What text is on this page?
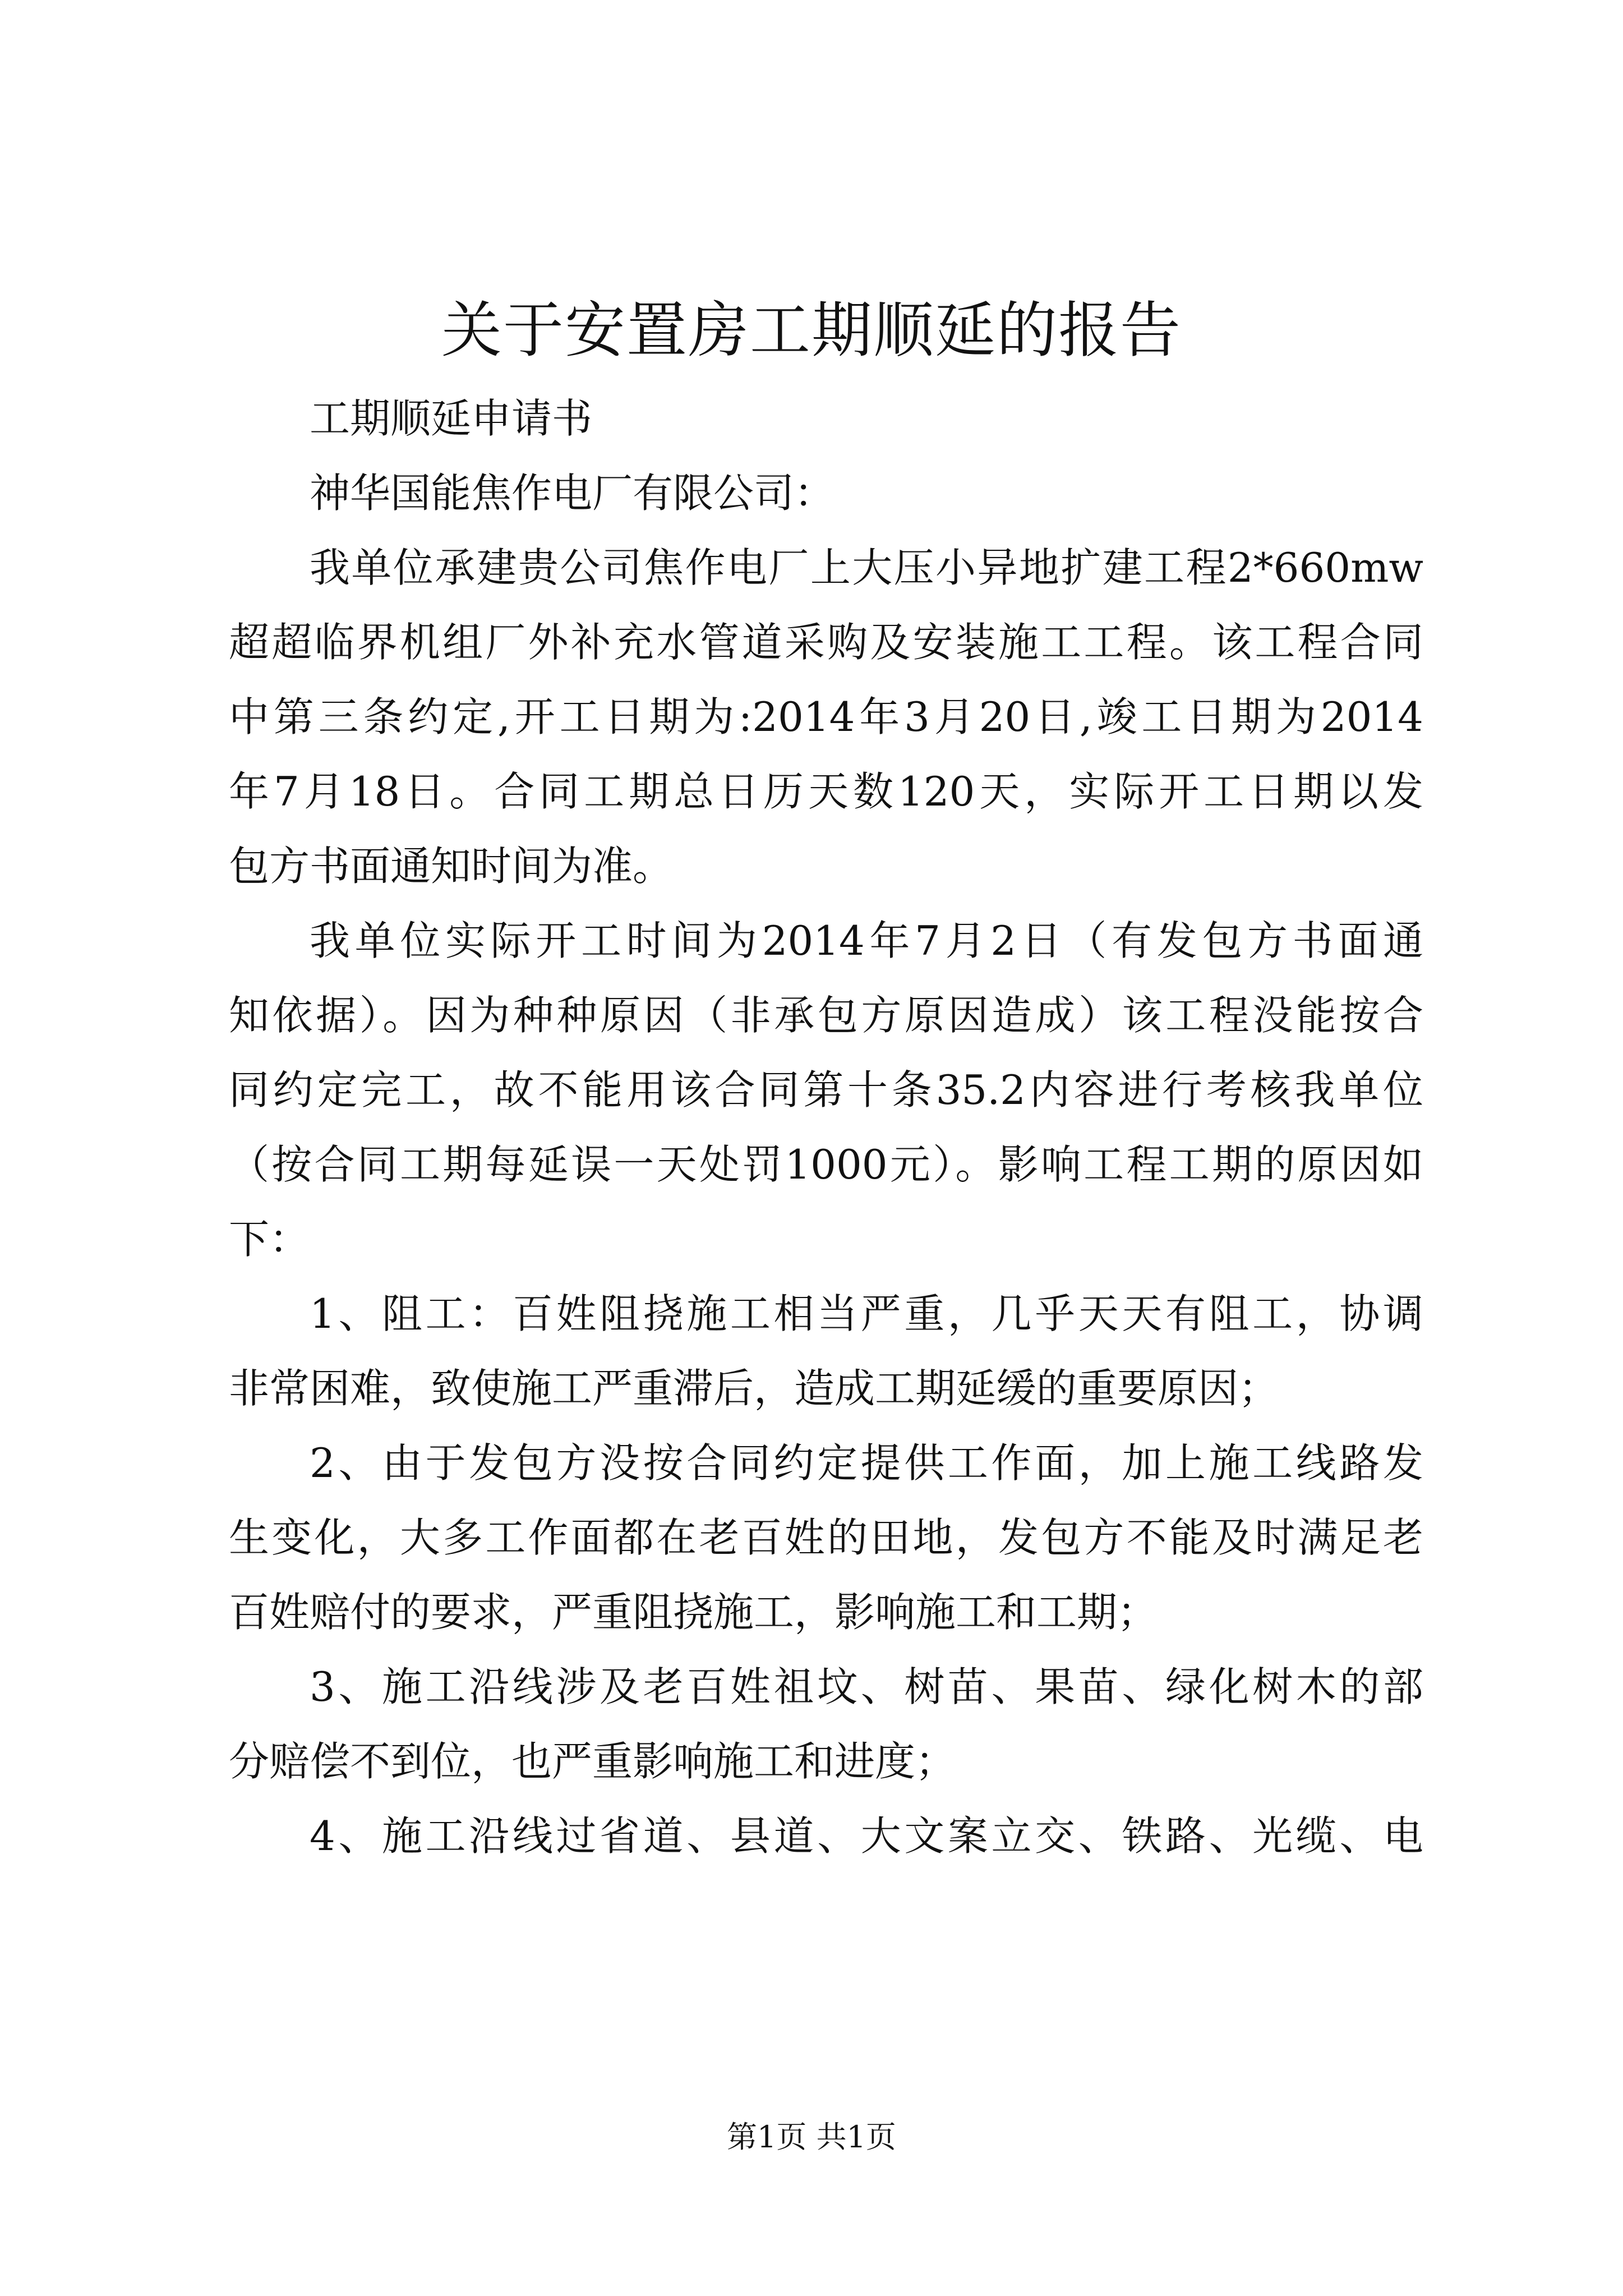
关于安置房工期顺延的报告
工期顺延申请书
神华国能焦作电厂有限公司：
我单位承建贵公司焦作电厂上大压小异地扩建工程2*660mw
超超临界机组厂外补充水管道采购及安装施工工程。该工程合同
中第三条约定,开工日期为:2014年3月20日,竣工日期为2014
年7月18日。合同工期总日历天数120天，实际开工日期以发
包方书面通知时间为准。
我单位实际开工时间为2014年7月2日（有发包方书面通
知依据）。因为种种原因（非承包方原因造成）该工程没能按合
同约定完工，故不能用该合同第十条35.2内容进行考核我单位
（按合同工期每延误一天处罚1000元）。影响工程工期的原因如
下：
1、阻工：百姓阻挠施工相当严重，几乎天天有阻工，协调
非常困难，致使施工严重滞后，造成工期延缓的重要原因；
2、由于发包方没按合同约定提供工作面，加上施工线路发
生变化，大多工作面都在老百姓的田地，发包方不能及时满足老
百姓赔付的要求，严重阻挠施工，影响施工和工期；
3、施工沿线涉及老百姓祖坟、树苗、果苗、绿化树木的部
分赔偿不到位，也严重影响施工和进度；
4、施工沿线过省道、县道、大文案立交、铁路、光缆、电
第1页 共1页
